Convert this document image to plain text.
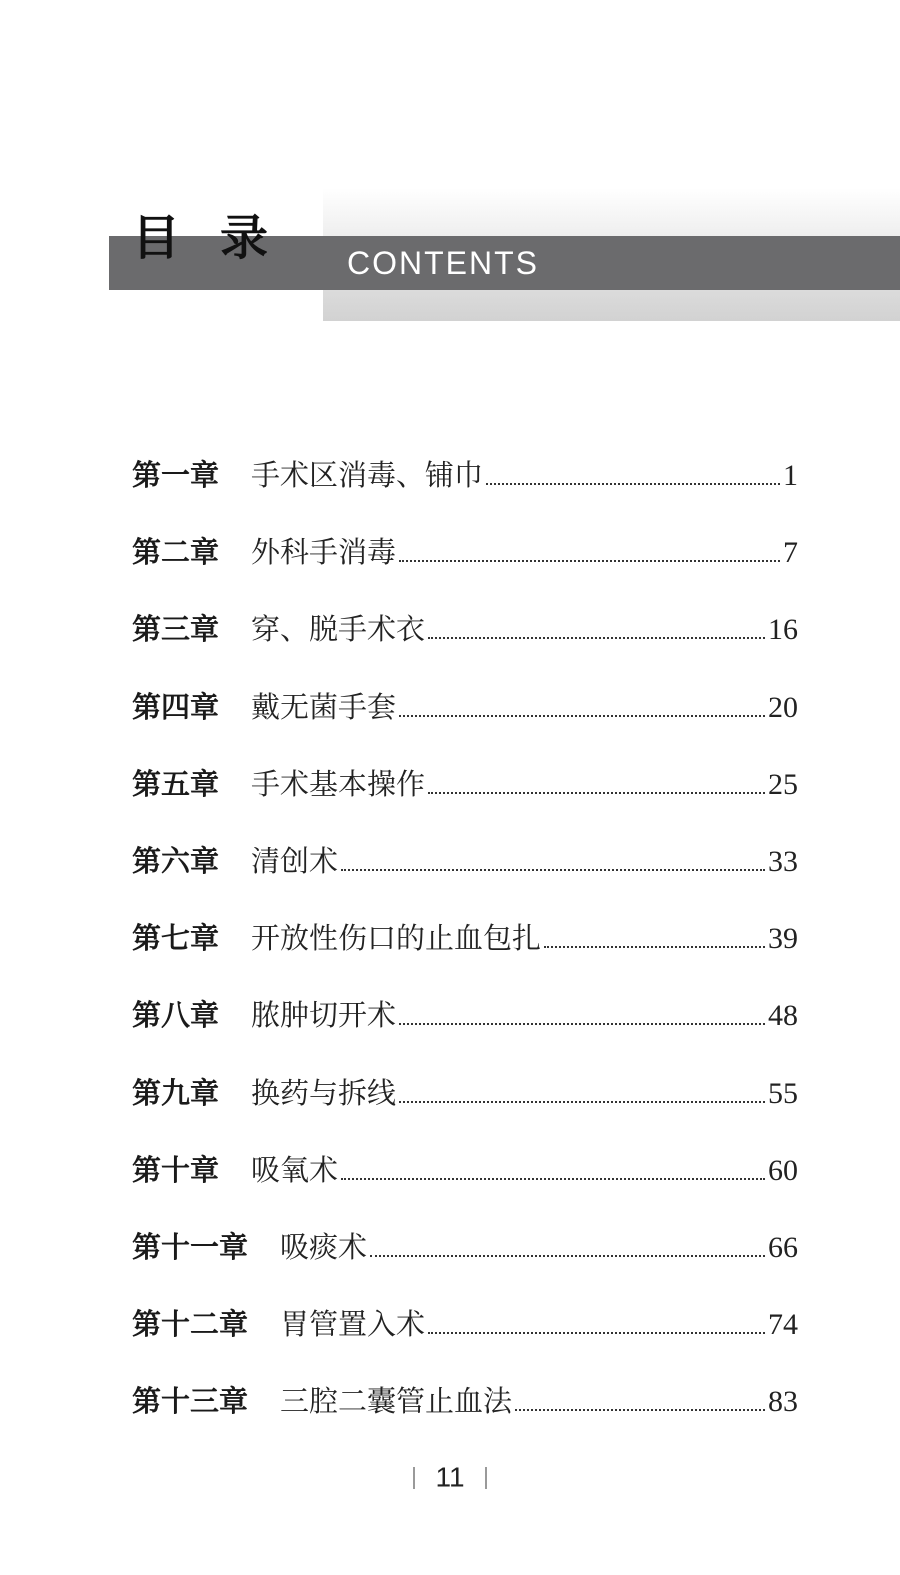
目录 CONTENTS
第一章 手术区消毒、铺巾	1
第二章 外科手消毒	7
第三章 穿、脱手术衣	16
第四章 戴无菌手套	20
第五章 手术基本操作	25
第六章 清创术	33
第七章 开放性伤口的止血包扎	39
第八章 脓肿切开术	48
第九章 换药与拆线	55
第十章 吸氧术	60
第十一章 吸痰术	66
第十二章 胃管置入术	74
第十三章 三腔二囊管止血法	83
11
